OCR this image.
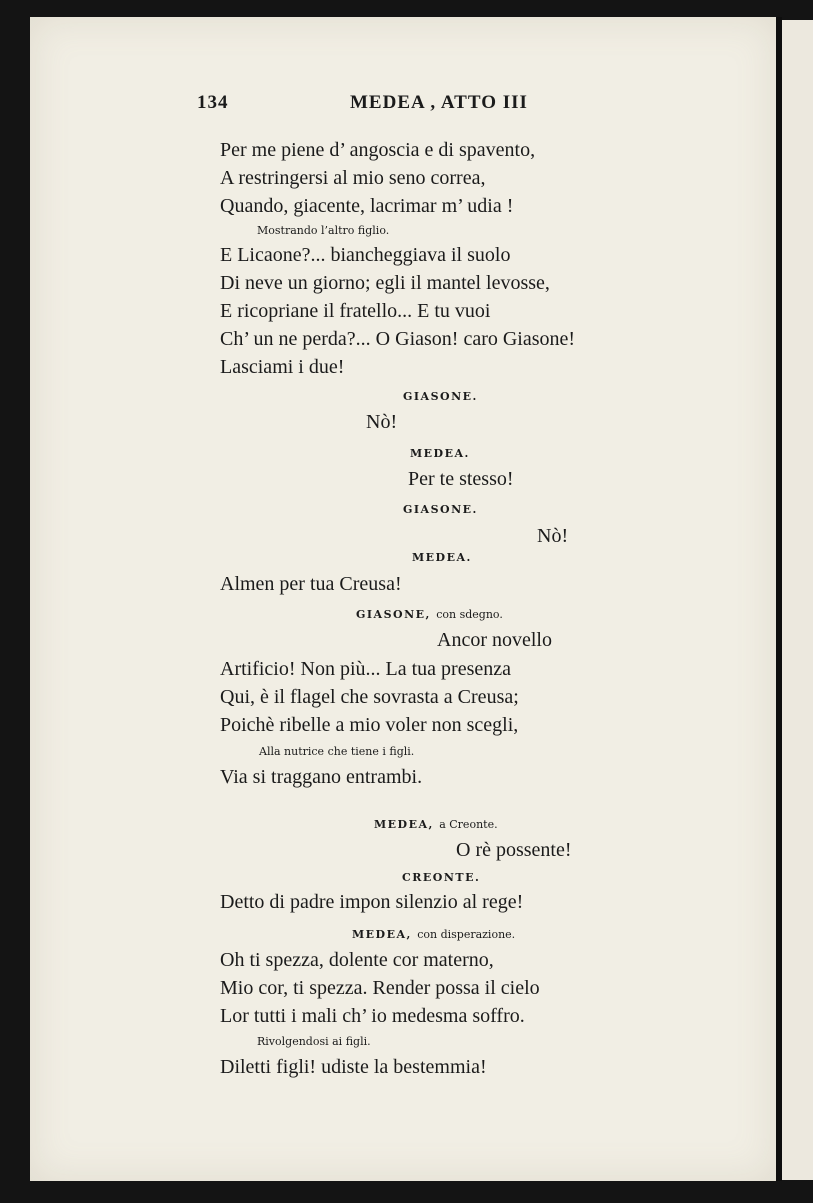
134	MEDEA , ATTO III
Per me piene d’ angoscia e di spavento,
A restringersi al mio seno correa,
Quando, giacente, lacrimar m’ udia !
Mostrando l’altro figlio.
E Licaone?... biancheggiava il suolo
Di neve un giorno; egli il mantel levosse,
E ricopriane il fratello... E tu vuoi
Ch’ un ne perda?... O Giason! caro Giasone!
Lasciami i due!
GIASONE.
Nò!
MEDEA.
Per te stesso!
GIASONE.
Nò!
MEDEA.
Almen per tua Creusa!
GIASONE, con sdegno.
Ancor novello
Artificio! Non più... La tua presenza
Qui, è il flagel che sovrasta a Creusa;
Poichè ribelle a mio voler non scegli,
Alla nutrice che tiene i figli.
Via si traggano entrambi.
MEDEA, a Creonte.
O rè possente!
CREONTE.
Detto di padre impon silenzio al rege!
MEDEA, con disperazione.
Oh ti spezza, dolente cor materno,
Mio cor, ti spezza. Render possa il cielo
Lor tutti i mali ch’ io medesma soffro.
Rivolgendosi ai figli.
Diletti figli! udiste la bestemmia!
